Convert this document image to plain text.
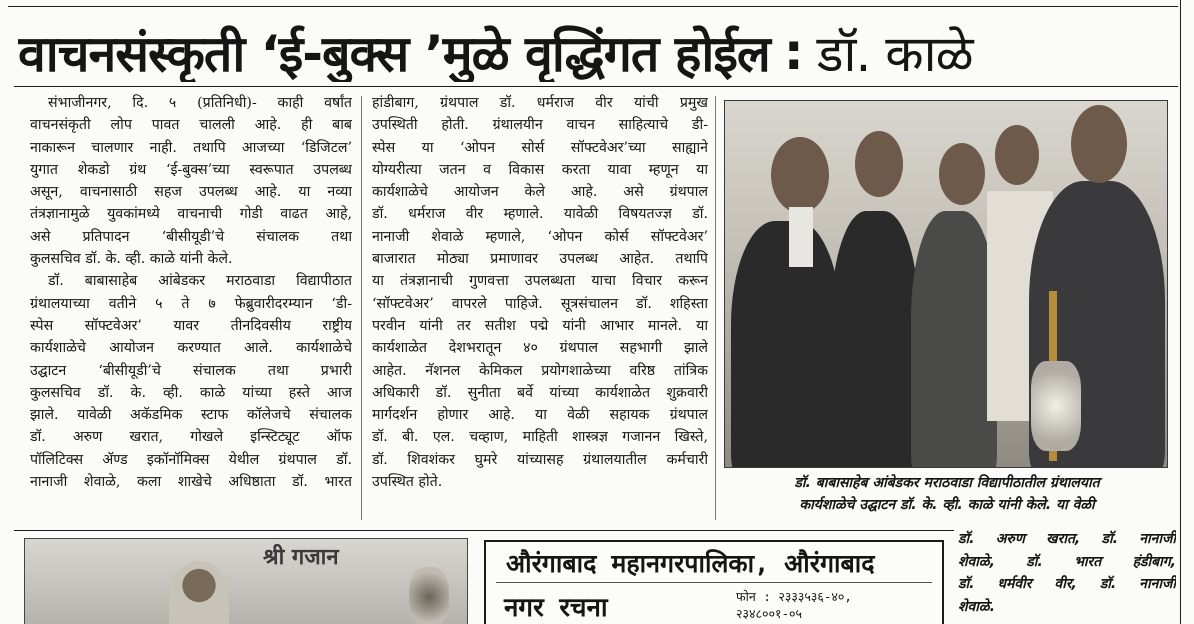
वाचनसंस्कृती ‘ई-बुक्स ’मुळे वृद्धिंगत होईल : डॉ. काळे
संभाजीनगर, दि. ५ (प्रतिनिधी)- काही वर्षांत
वाचनसंकृती लोप पावत चालली आहे. ही बाब
नाकारून चालणार नाही. तथापि आजच्या ‘डिजिटल’
युगात शेकडो ग्रंथ ‘ई-बुक्स’च्या स्वरूपात उपलब्ध
असून, वाचनासाठी सहज उपलब्ध आहे. या नव्या
तंत्रज्ञानामुळे युवकांमध्ये वाचनाची गोडी वाढत आहे,
असे प्रतिपादन ‘बीसीयूडी’चे संचालक तथा
कुलसचिव डॉ. के. व्ही. काळे यांनी केले.
डॉ. बाबासाहेब आंबेडकर मराठवाडा विद्यापीठात
ग्रंथालयाच्या वतीने ५ ते ७ फेब्रुवारीदरम्यान ‘डी-
स्पेस सॉफ्टवेअर’ यावर तीनदिवसीय राष्ट्रीय
कार्यशाळेचे आयोजन करण्यात आले. कार्यशाळेचे
उद्घाटन ‘बीसीयूडी’चे संचालक तथा प्रभारी
कुलसचिव डॉ. के. व्ही. काळे यांच्या हस्ते आज
झाले. यावेळी अकॅडमिक स्टाफ कॉलेजचे संचालक
डॉ. अरुण खरात, गोखले इन्स्टिट्यूट ऑफ
पॉलिटिक्स ॲण्ड इकॉनॉमिक्स येथील ग्रंथपाल डॉ.
नानाजी शेवाळे, कला शाखेचे अधिष्ठाता डॉ. भारत
हांडीबाग, ग्रंथपाल डॉ. धर्मराज वीर यांची प्रमुख
उपस्थिती होती. ग्रंथालयीन वाचन साहित्याचे डी-
स्पेस या ‘ओपन सोर्स सॉफ्टवेअर’च्या साह्याने
योग्यरीत्या जतन व विकास करता यावा म्हणून या
कार्यशाळेचे आयोजन केले आहे. असे ग्रंथपाल
डॉ. धर्मराज वीर म्हणाले. यावेळी विषयतज्ज्ञ डॉ.
नानाजी शेवाळे म्हणाले, ‘ओपन कोर्स सॉफ्टवेअर’
बाजारात मोठ्या प्रमाणावर उपलब्ध आहेत. तथापि
या तंत्रज्ञानाची गुणवत्ता उपलब्धता याचा विचार करून
‘सॉफ्टवेअर’ वापरले पाहिजे. सूत्रसंचालन डॉ. शहिस्ता
परवीन यांनी तर सतीश पद्मे यांनी आभार मानले. या
कार्यशाळेत देशभरातून ४० ग्रंथपाल सहभागी झाले
आहेत. नॅशनल केमिकल प्रयोगशाळेच्या वरिष्ठ तांत्रिक
अधिकारी डॉ. सुनीता बर्वे यांच्या कार्यशाळेत शुक्रवारी
मार्गदर्शन होणार आहे. या वेळी सहायक ग्रंथपाल
डॉ. बी. एल. चव्हाण, माहिती शास्त्रज्ञ गजानन खिस्ते,
डॉ. शिवशंकर घुमरे यांच्यासह ग्रंथालयातील कर्मचारी
उपस्थित होते.	डॉ. बाबासाहेब आंबेडकर मराठवाडा विद्यापीठातील ग्रंथालयात
कार्यशाळेचे उद्घाटन डॉ. के. व्ही. काळे यांनी केले. या वेळी
डॉ. अरुण खरात, डॉ. नानाजी
शेवाळे, डॉ. भारत हंडीबाग,
डॉ. धर्मवीर वीर, डॉ. नानाजी
शेवाळे.
श्री गजान	औरंगाबाद महानगरपालिका, औरंगाबाद
नगर रचना	फोन : २३३३५३६-४०,
२३४८००१-०५
